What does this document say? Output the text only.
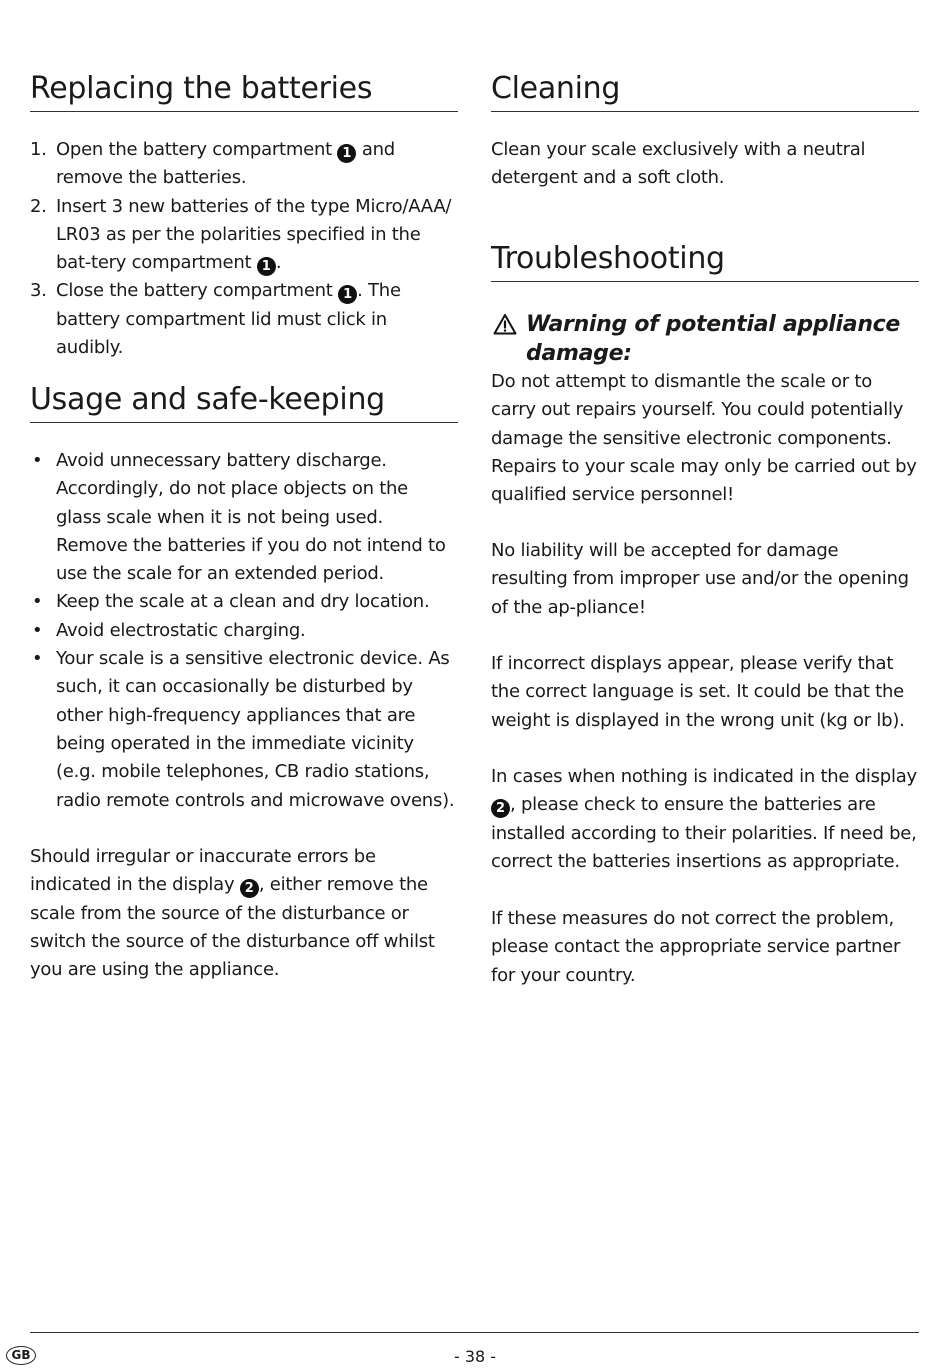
Replacing the batteries
1. Open the battery compartment 1 and remove the batteries.
2. Insert 3 new batteries of the type Micro/AAA/ LR03 as per the polarities specified in the bat-tery compartment 1 .
3. Close the battery compartment 1 . The battery compartment lid must click in audibly.
Usage and safe-keeping
• Avoid unnecessary battery discharge. Accordingly, do not place objects on the glass scale when it is not being used.
Remove the batteries if you do not intend to use the scale for an extended period.
• Keep the scale at a clean and dry location.
• Avoid electrostatic charging.
• Your scale is a sensitive electronic device. As such, it can occasionally be disturbed by other high-frequency appliances that are being operated in the immediate vicinity (e.g. mobile telephones, CB radio stations, radio remote controls and microwave ovens).

Should irregular or inaccurate errors be indicated in the display 2 , either remove the scale from the source of the disturbance or switch the source of the disturbance off whilst you are using the appliance.

Cleaning

Clean your scale exclusively with a neutral detergent and a soft cloth.

Troubleshooting
Warning of potential appliance damage:
Do not attempt to dismantle the scale or to carry out repairs yourself. You could potentially damage the sensitive electronic components.
Repairs to your scale may only be carried out by qualified service personnel!

No liability will be accepted for damage resulting from improper use and/or the opening of the ap-pliance!

If incorrect displays appear, please verify that the correct language is set. It could be that the weight is displayed in the wrong unit (kg or lb).

In cases when nothing is indicated in the display 2 , please check to ensure the batteries are installed according to their polarities. If need be, correct the batteries insertions as appropriate.

If these measures do not correct the problem, please contact the appropriate service partner for your country.

GB	- 38 -
